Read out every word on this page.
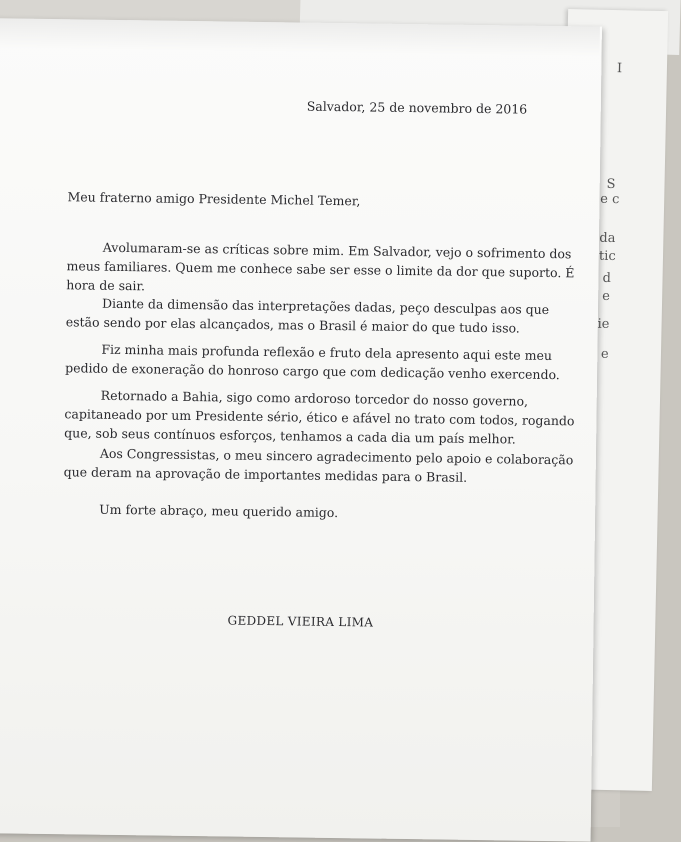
I
S
e c
da
tic
d
e
ie
e
Salvador, 25 de novembro de 2016
Meu fraterno amigo Presidente Michel Temer,
Avolumaram-se as críticas sobre mim. Em Salvador, vejo o sofrimento dos
meus familiares. Quem me conhece sabe ser esse o limite da dor que suporto. É
hora de sair.
Diante da dimensão das interpretações dadas, peço desculpas aos que
estão sendo por elas alcançados, mas o Brasil é maior do que tudo isso.
Fiz minha mais profunda reflexão e fruto dela apresento aqui este meu
pedido de exoneração do honroso cargo que com dedicação venho exercendo.
Retornado a Bahia, sigo como ardoroso torcedor do nosso governo,
capitaneado por um Presidente sério, ético e afável no trato com todos, rogando
que, sob seus contínuos esforços, tenhamos a cada dia um país melhor.
Aos Congressistas, o meu sincero agradecimento pelo apoio e colaboração
que deram na aprovação de importantes medidas para o Brasil.
Um forte abraço, meu querido amigo.
GEDDEL VIEIRA LIMA
